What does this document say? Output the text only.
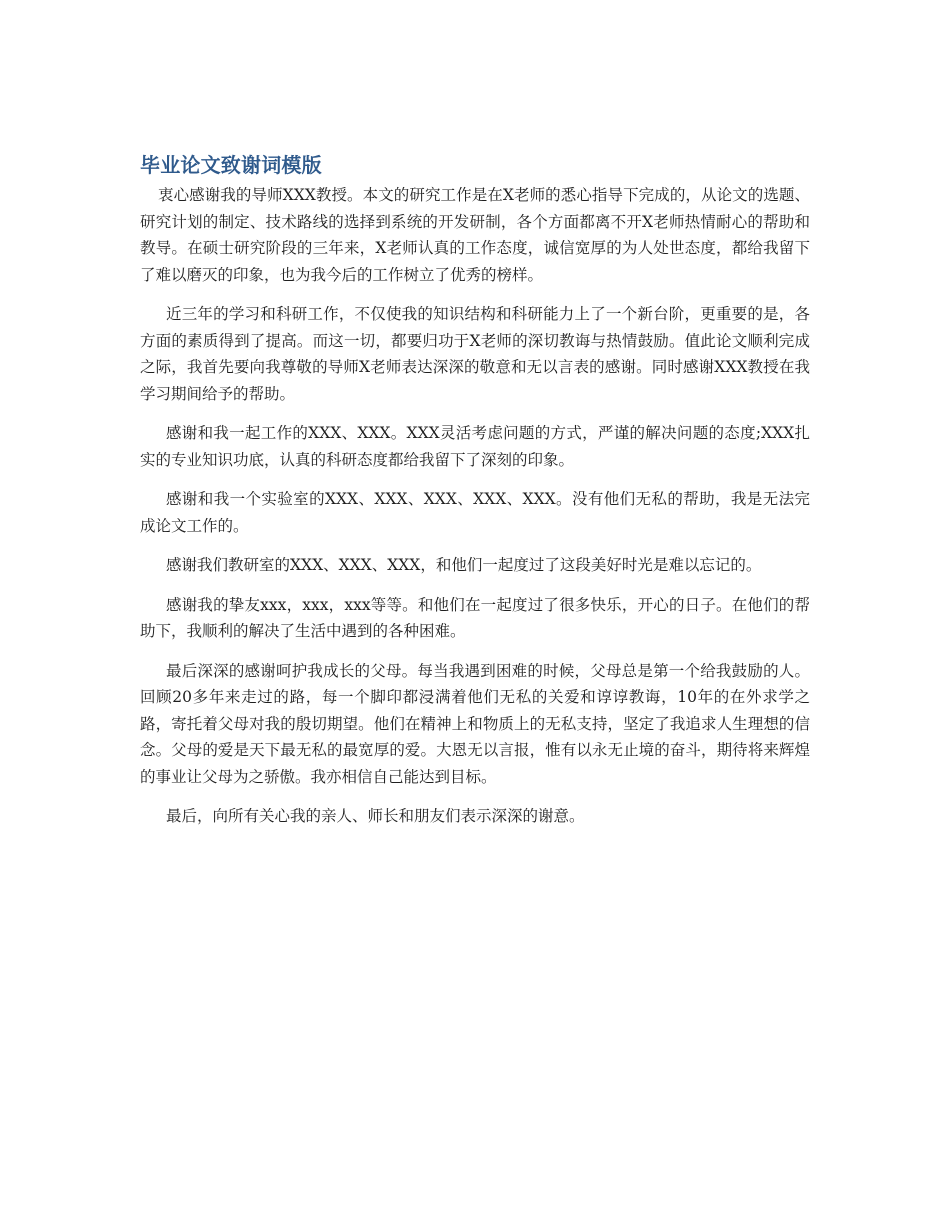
毕业论文致谢词模版

衷心感谢我的导师XXX教授。本文的研究工作是在X老师的悉心指导下完成的，从论文的选题、研究计划的制定、技术路线的选择到系统的开发研制，各个方面都离不开X老师热情耐心的帮助和教导。在硕士研究阶段的三年来，X老师认真的工作态度，诚信宽厚的为人处世态度，都给我留下了难以磨灭的印象，也为我今后的工作树立了优秀的榜样。

近三年的学习和科研工作，不仅使我的知识结构和科研能力上了一个新台阶，更重要的是，各方面的素质得到了提高。而这一切，都要归功于X老师的深切教诲与热情鼓励。值此论文顺利完成之际，我首先要向我尊敬的导师X老师表达深深的敬意和无以言表的感谢。同时感谢XXX教授在我学习期间给予的帮助。

感谢和我一起工作的XXX、XXX。XXX灵活考虑问题的方式，严谨的解决问题的态度;XXX扎实的专业知识功底，认真的科研态度都给我留下了深刻的印象。

感谢和我一个实验室的XXX、XXX、XXX、XXX、XXX。没有他们无私的帮助，我是无法完成论文工作的。

感谢我们教研室的XXX、XXX、XXX，和他们一起度过了这段美好时光是难以忘记的。

感谢我的挚友xxx，xxx，xxx等等。和他们在一起度过了很多快乐，开心的日子。在他们的帮助下，我顺利的解决了生活中遇到的各种困难。

最后深深的感谢呵护我成长的父母。每当我遇到困难的时候，父母总是第一个给我鼓励的人。回顾20多年来走过的路，每一个脚印都浸满着他们无私的关爱和谆谆教诲，10年的在外求学之路，寄托着父母对我的殷切期望。他们在精神上和物质上的无私支持，坚定了我追求人生理想的信念。父母的爱是天下最无私的最宽厚的爱。大恩无以言报，惟有以永无止境的奋斗，期待将来辉煌的事业让父母为之骄傲。我亦相信自己能达到目标。

最后，向所有关心我的亲人、师长和朋友们表示深深的谢意。
